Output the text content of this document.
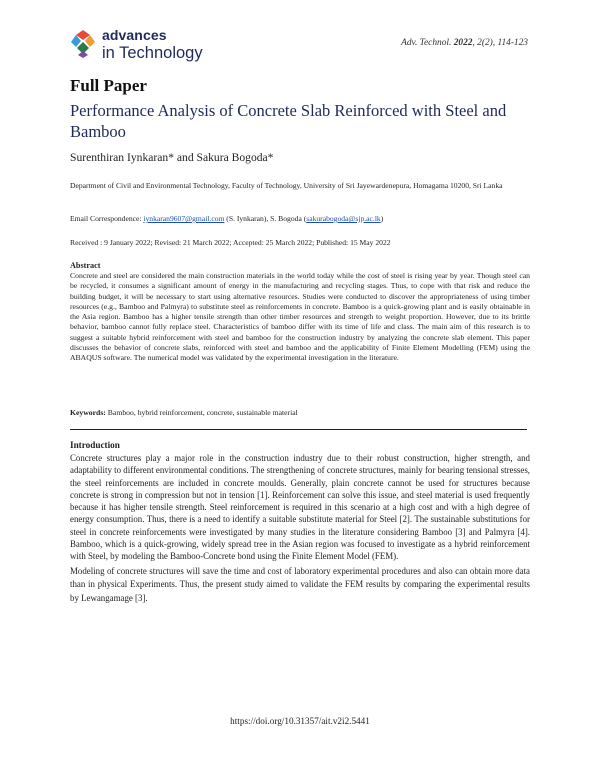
advances
in Technology
Adv. Technol. 2022, 2(2), 114-123
Full Paper
Performance Analysis of Concrete Slab Reinforced with Steel and Bamboo
Surenthiran Iynkaran* and Sakura Bogoda*
Department of Civil and Environmental Technology, Faculty of Technology, University of Sri Jayewardenepura, Homagama 10200, Sri Lanka
Email Correspondence: iynkaran9607@gmail.com (S. Iynkaran), S. Bogoda (sakurabogoda@sjp.ac.lk)
Received : 9 January 2022; Revised: 21 March 2022; Accepted: 25 March 2022; Published: 15 May 2022
Abstract
Concrete and steel are considered the main construction materials in the world today while the cost of steel is rising year by year. Though steel can be recycled, it consumes a significant amount of energy in the manufacturing and recycling stages. Thus, to cope with that risk and reduce the building budget, it will be necessary to start using alternative resources. Studies were conducted to discover the appropriateness of using timber resources (e.g., Bamboo and Palmyra) to substitute steel as reinforcements in concrete. Bamboo is a quick-growing plant and is easily obtainable in the Asia region. Bamboo has a higher tensile strength than other timber resources and strength to weight proportion. However, due to its brittle behavior, bamboo cannot fully replace steel. Characteristics of bamboo differ with its time of life and class. The main aim of this research is to suggest a suitable hybrid reinforcement with steel and bamboo for the construction industry by analyzing the concrete slab element. This paper discusses the behavior of concrete slabs, reinforced with steel and bamboo and the applicability of Finite Element Modelling (FEM) using the ABAQUS software. The numerical model was validated by the experimental investigation in the literature.
Keywords: Bamboo, hybrid reinforcement, concrete, sustainable material
Introduction

Concrete structures play a major role in the construction industry due to their robust construction, higher strength, and adaptability to different environmental conditions. The strengthening of concrete structures, mainly for bearing tensional stresses, the steel reinforcements are included in concrete moulds. Generally, plain concrete cannot be used for structures because concrete is strong in compression but not in tension [1]. Reinforcement can solve this issue, and steel material is used frequently because it has higher tensile strength. Steel reinforcement is required in this scenario at a high cost and with a high degree of energy consumption. Thus, there is a need to identify a suitable substitute material for Steel [2]. The sustainable substitutions for steel in concrete reinforcements were investigated by many studies in the literature considering Bamboo [3] and Palmyra [4]. Bamboo, which is a quick-growing, widely spread tree in the Asian region was focused to investigate as a hybrid reinforcement with Steel, by modeling the Bamboo-Concrete bond using the Finite Element Model (FEM).

Modeling of concrete structures will save the time and cost of laboratory experimental procedures and also can obtain more data than in physical Experiments. Thus, the present study aimed to validate the FEM results by comparing the experimental results by Lewangamage [3].

https://doi.org/10.31357/ait.v2i2.5441
